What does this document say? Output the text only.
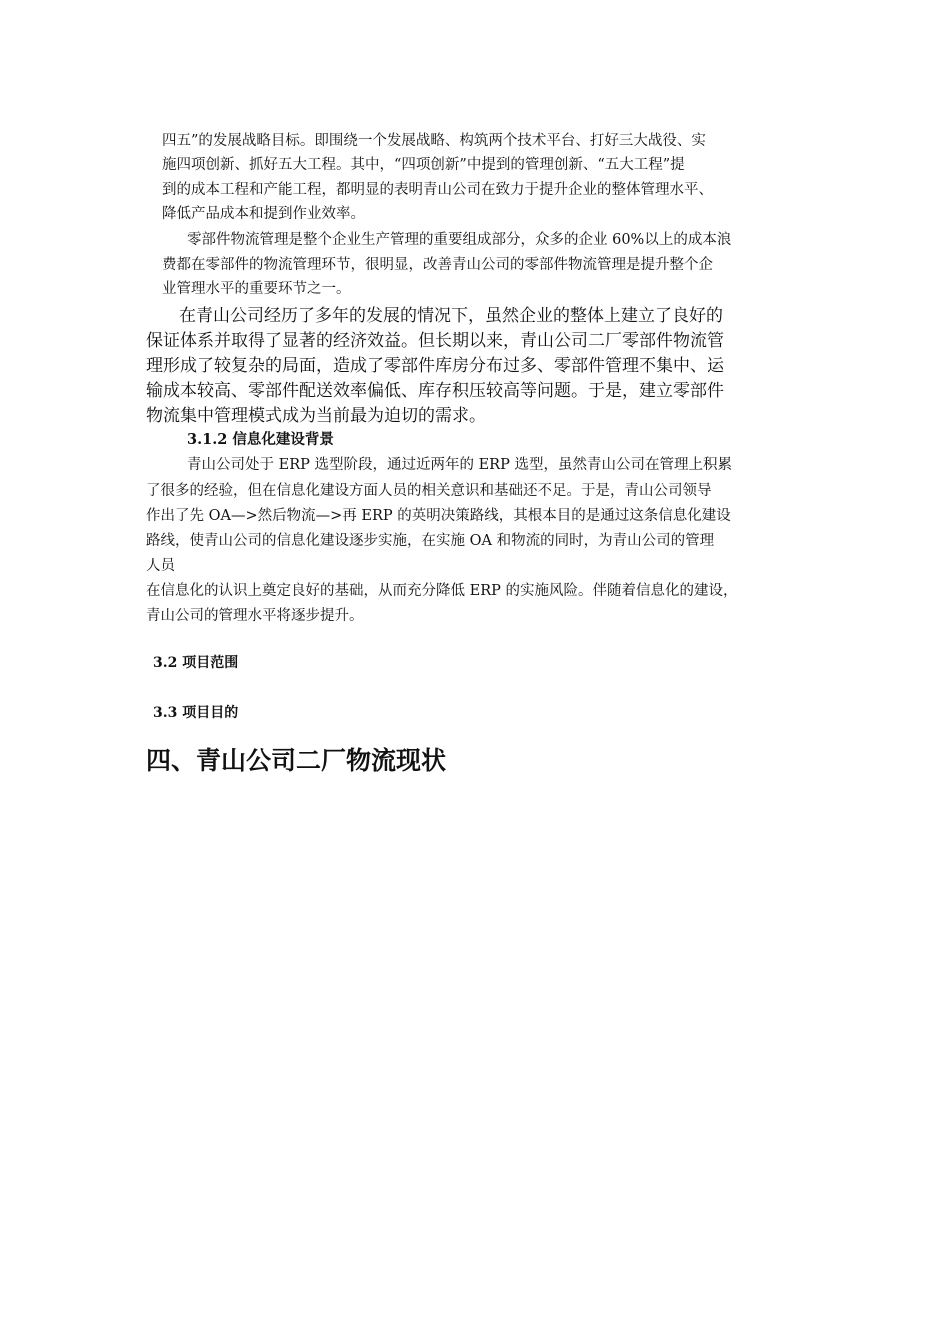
四五”的发展战略目标。即围绕一个发展战略、构筑两个技术平台、打好三大战役、实
施四项创新、抓好五大工程。其中，“四项创新”中提到的管理创新、“五大工程”提
到的成本工程和产能工程，都明显的表明青山公司在致力于提升企业的整体管理水平、
降低产品成本和提到作业效率。
零部件物流管理是整个企业生产管理的重要组成部分，众多的企业 60%以上的成本浪
费都在零部件的物流管理环节，很明显，改善青山公司的零部件物流管理是提升整个企
业管理水平的重要环节之一。
在青山公司经历了多年的发展的情况下，虽然企业的整体上建立了良好的
保证体系并取得了显著的经济效益。但长期以来，青山公司二厂零部件物流管
理形成了较复杂的局面，造成了零部件库房分布过多、零部件管理不集中、运
输成本较高、零部件配送效率偏低、库存积压较高等问题。于是，建立零部件
物流集中管理模式成为当前最为迫切的需求。
3.1.2 信息化建设背景
青山公司处于 ERP 选型阶段，通过近两年的 ERP 选型，虽然青山公司在管理上积累
了很多的经验，但在信息化建设方面人员的相关意识和基础还不足。于是，青山公司领导
作出了先 OA—>然后物流—>再 ERP 的英明决策路线，其根本目的是通过这条信息化建设
路线，使青山公司的信息化建设逐步实施，在实施 OA 和物流的同时，为青山公司的管理
人员
在信息化的认识上奠定良好的基础，从而充分降低 ERP 的实施风险。伴随着信息化的建设，
青山公司的管理水平将逐步提升。
3.2 项目范围
3.3 项目目的
四、青山公司二厂物流现状
